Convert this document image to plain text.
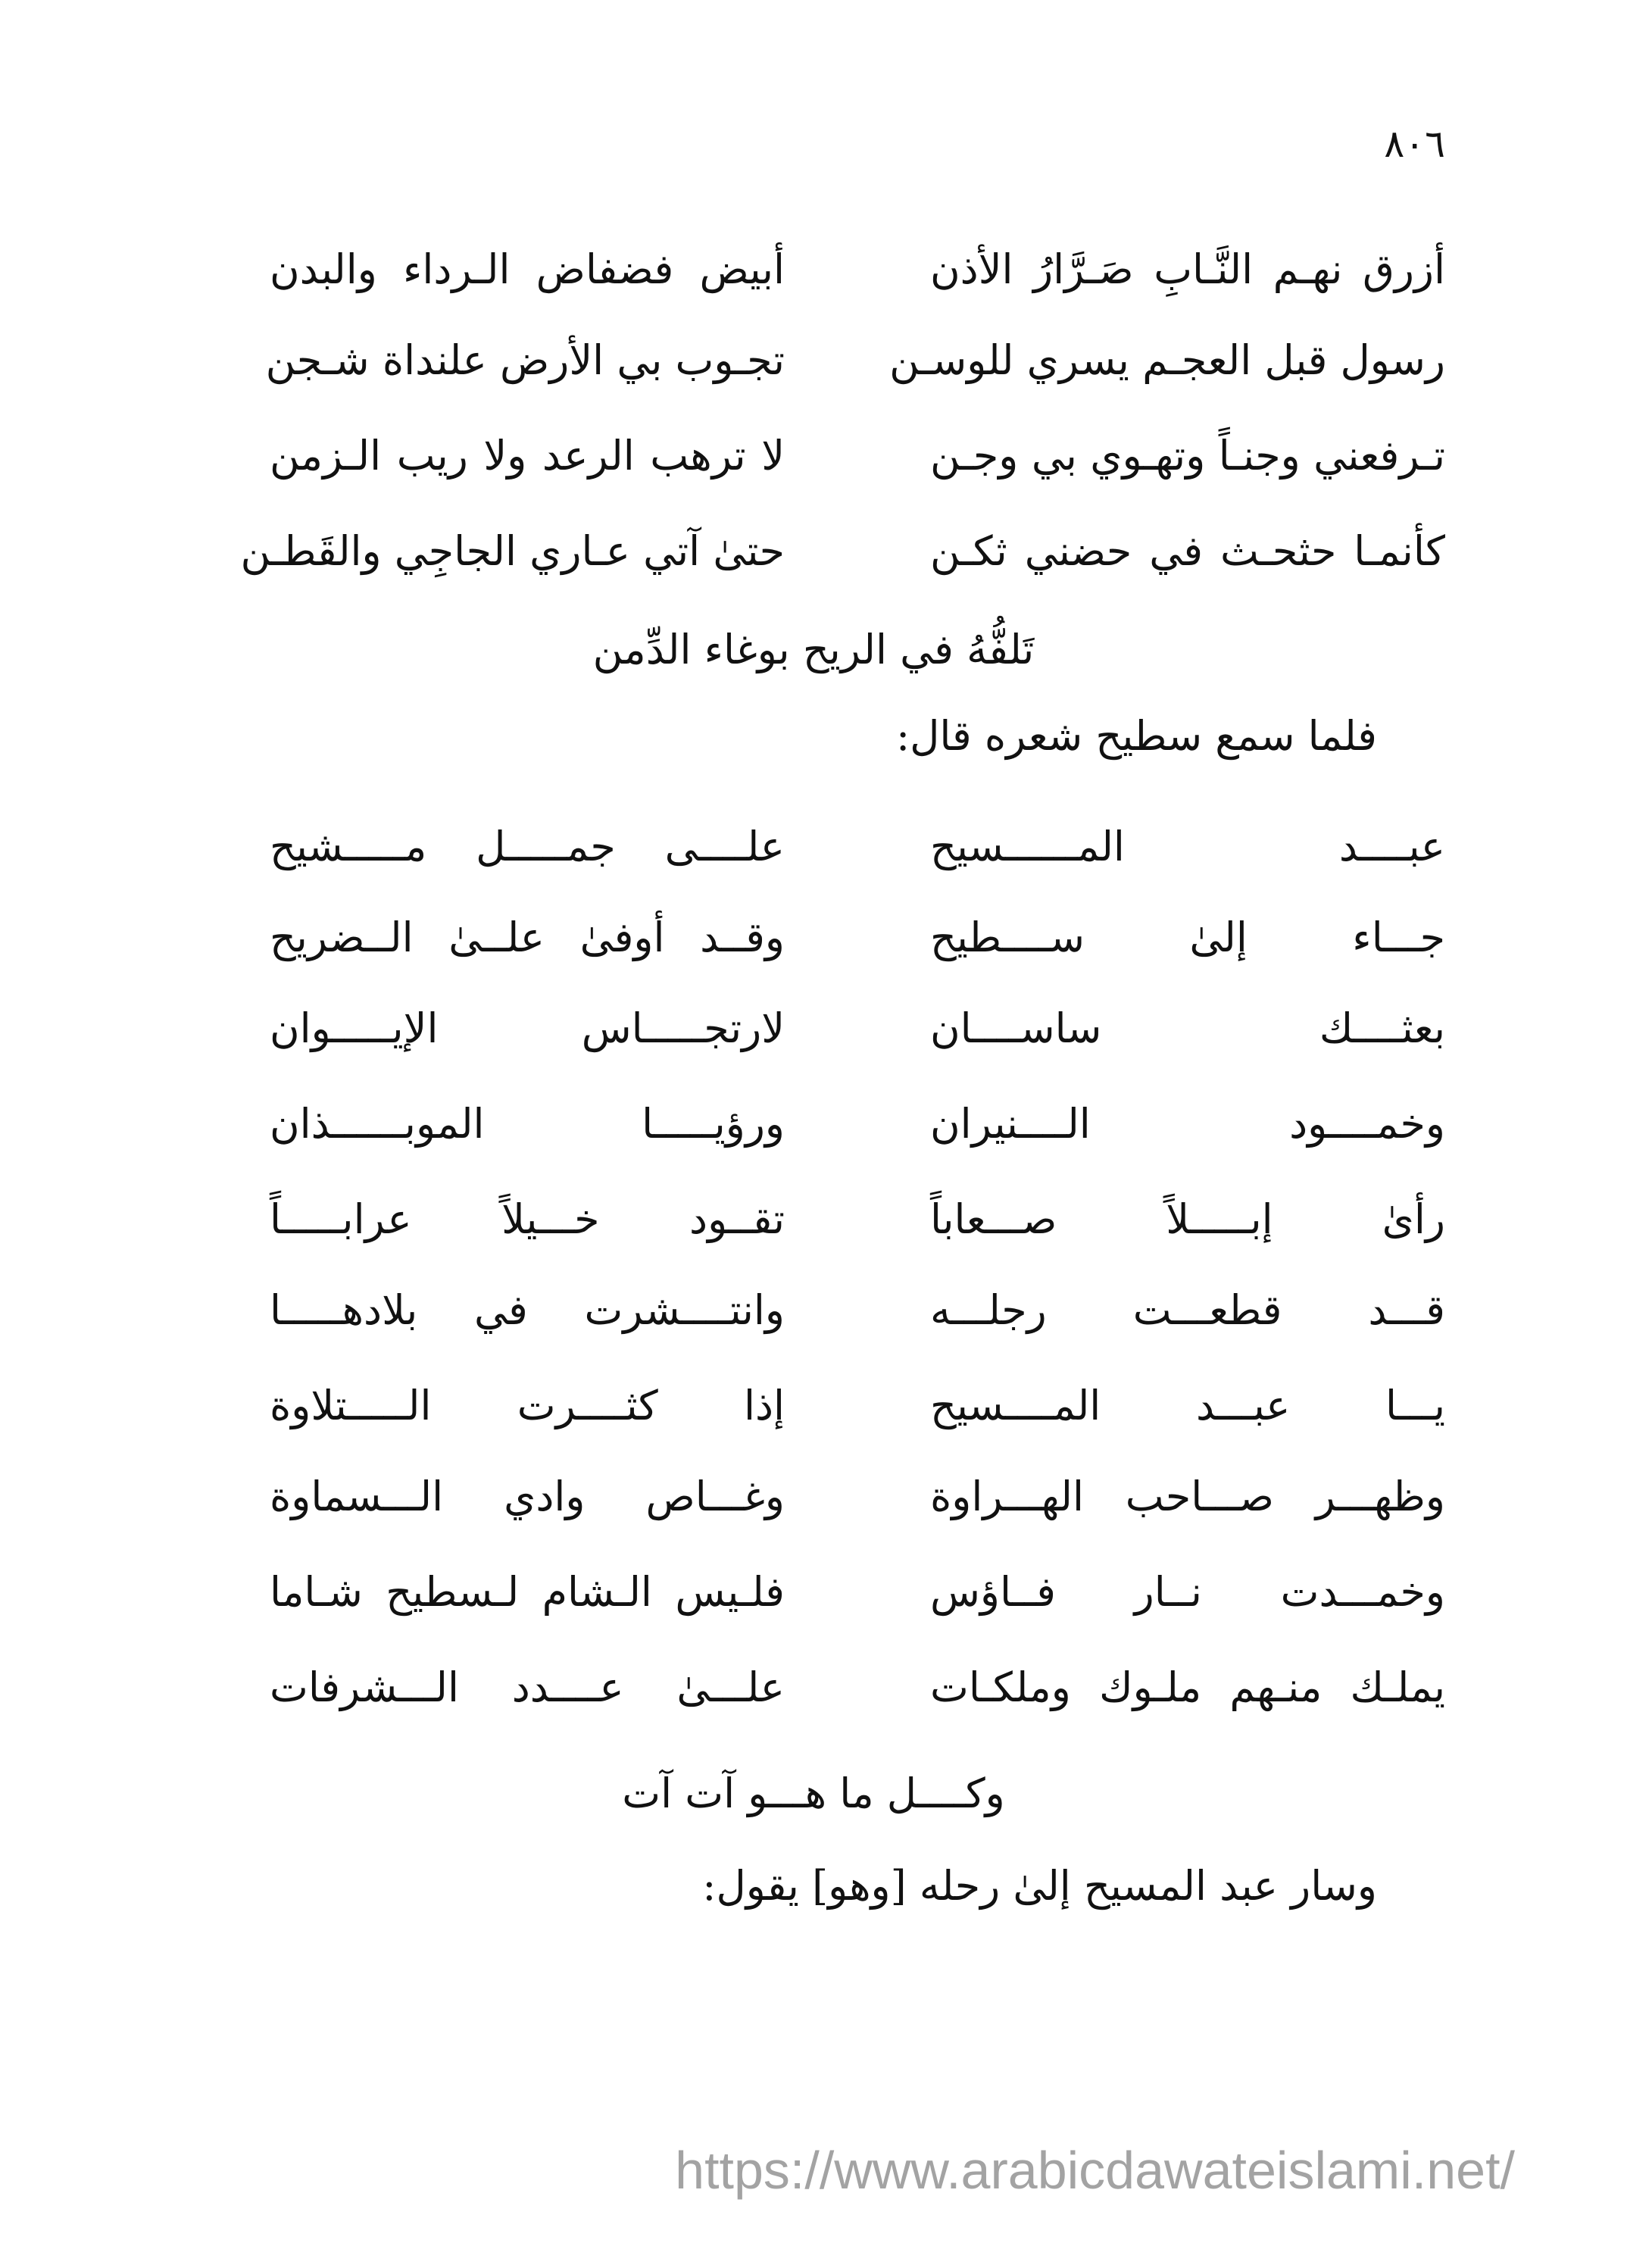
٨٠٦
أزرق نهـم النَّـابِ صَـرَّارُ الأذن
أبيض فضفاض الـرداء والبدن
رسول قبل العجـم يسري للوسـن
تجـوب بي الأرض علنداة شـجن
تـرفعني وجنـاً وتهـوي بي وجـن
لا ترهب الرعد ولا ريب الـزمن
كأنمـا حثحـث في حضني ثكـن
حتىٰ آتي عـاري الجاجِي والقَطـن
تَلفُّهُ في الريح بوغاء الدِّمن
فلما سمع سطيح شعره قال:
عبــــد المــــــسيح
علــــى جمـــــل مـــــشيح
جـــاء إلىٰ ســــطيح
وقــد أوفىٰ علــىٰ الــضريح
بعثــــك ساســــان
لارتجـــــاس الإيـــــوان
وخمــــود الــــنيران
ورؤيـــــا الموبــــــذان
رأىٰ إبـــــلاً صـــعاباً
تقــود خـــيلاً عرابـــــاً
قـــد قطعـــت رجلـــه
وانتــــشرت في بلادهـــــا
يـــا عبـــد المــــسيح
إذا كثــــرت الـــــتلاوة
وظهـــر صـــاحب الهـــراوة
وغـــاص وادي الـــسماوة
وخمـــدت نــار فــاؤس
فلـيس الـشام لـسطيح شـاما
يملـك منـهم ملـوك وملكـات
علـــىٰ عــــدد الـــشرفات
وكــــل ما هـــو آت آت
وسار عبد المسيح إلىٰ رحله [وهو] يقول:
https://www.arabicdawateislami.net/
